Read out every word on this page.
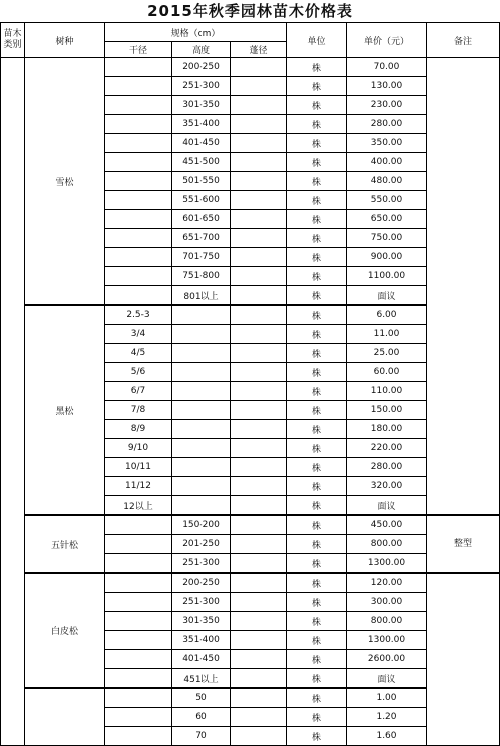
2015年秋季园林苗木价格表
苗木类别	树种	规格（cm）			单位	单价（元）	备注
		干径	高度	蓬径			
	雪松		200-250		株	70.00	
			251-300		株	130.00	
			301-350		株	230.00	
			351-400		株	280.00	
			401-450		株	350.00	
			451-500		株	400.00	
			501-550		株	480.00	
			551-600		株	550.00	
			601-650		株	650.00	
			651-700		株	750.00	
			701-750		株	900.00	
			751-800		株	1100.00	
			801以上		株	面议	
	黑松	2.5-3			株	6.00	
		3/4			株	11.00	
		4/5			株	25.00	
		5/6			株	60.00	
		6/7			株	110.00	
		7/8			株	150.00	
		8/9			株	180.00	
		9/10			株	220.00	
		10/11			株	280.00	
		11/12			株	320.00	
		12以上			株	面议	
	五针松		150-200		株	450.00	整型
			201-250		株	800.00	
			251-300		株	1300.00	
	白皮松		200-250		株	120.00	
			251-300		株	300.00	
			301-350		株	800.00	
			351-400		株	1300.00	
			401-450		株	2600.00	
			451以上		株	面议	
			50		株	1.00	
			60		株	1.20	
			70		株	1.60	
